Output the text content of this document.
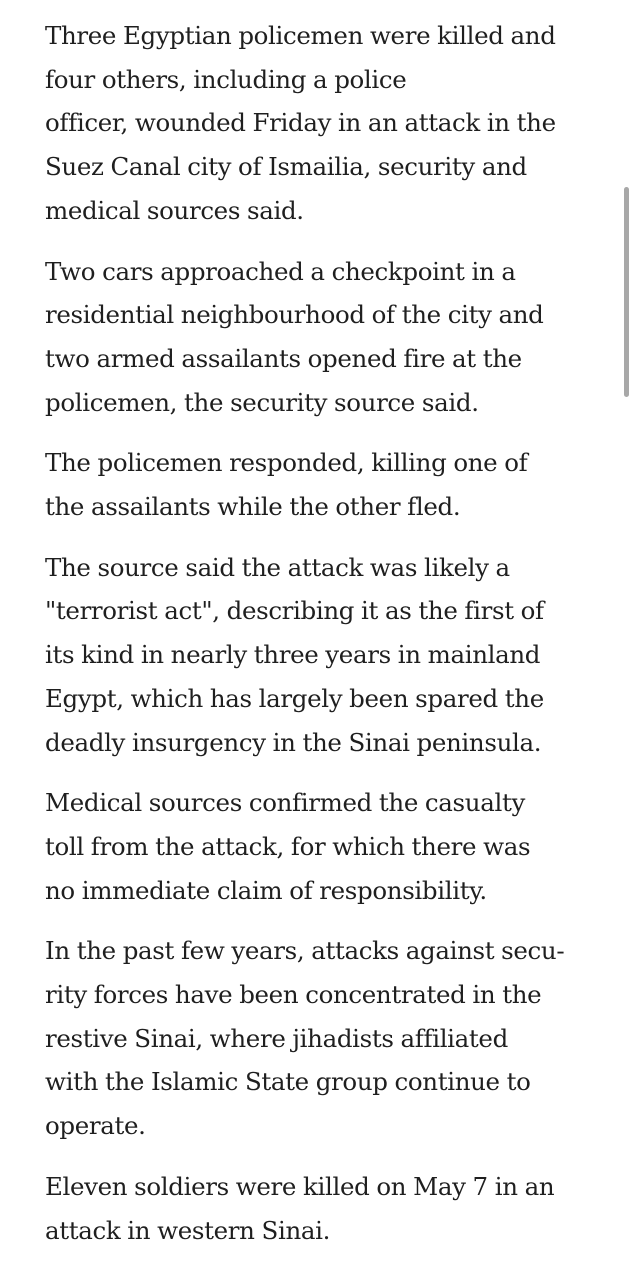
Three Egyptian policemen were killed and
four others, including a police
officer, wounded Friday in an attack in the
Suez Canal city of Ismailia, security and
medical sources said.

Two cars approached a checkpoint in a
residential neighbourhood of the city and
two armed assailants opened fire at the
policemen, the security source said.

The policemen responded, killing one of
the assailants while the other fled.

The source said the attack was likely a
"terrorist act", describing it as the first of
its kind in nearly three years in mainland
Egypt, which has largely been spared the
deadly insurgency in the Sinai peninsula.

Medical sources confirmed the casualty
toll from the attack, for which there was
no immediate claim of responsibility.

In the past few years, attacks against secu-
rity forces have been concentrated in the
restive Sinai, where jihadists affiliated
with the Islamic State group continue to
operate.

Eleven soldiers were killed on May 7 in an
attack in western Sinai.
